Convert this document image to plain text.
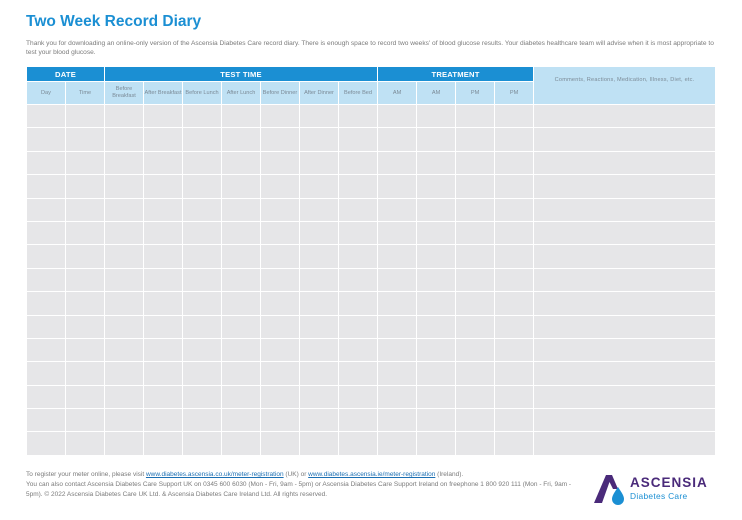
Two Week Record Diary

Thank you for downloading an online-only version of the Ascensia Diabetes Care record diary. There is enough space to record two weeks' of blood glucose results. Your diabetes healthcare team will advise when it is most appropriate to test your blood glucose.

DATE		TEST TIME							TREATMENT				Comments, Reactions, Medication, Illness, Diet, etc.
Day	Time	Before Breakfast	After Breakfast	Before Lunch	After Lunch	Before Dinner	After Dinner	Before Bed	AM	AM	PM	PM	

To register your meter online, please visit www.diabetes.ascensia.co.uk/meter-registration (UK) or www.diabetes.ascensia.ie/meter-registration (Ireland).
You can also contact Ascensia Diabetes Care Support UK on 0345 600 6030 (Mon - Fri, 9am - 5pm) or Ascensia Diabetes Care Support Ireland on freephone 1 800 920 111 (Mon - Fri, 9am - 5pm). © 2022 Ascensia Diabetes Care UK Ltd. & Ascensia Diabetes Care Ireland Ltd. All rights reserved.

ASCENSIA
Diabetes Care
